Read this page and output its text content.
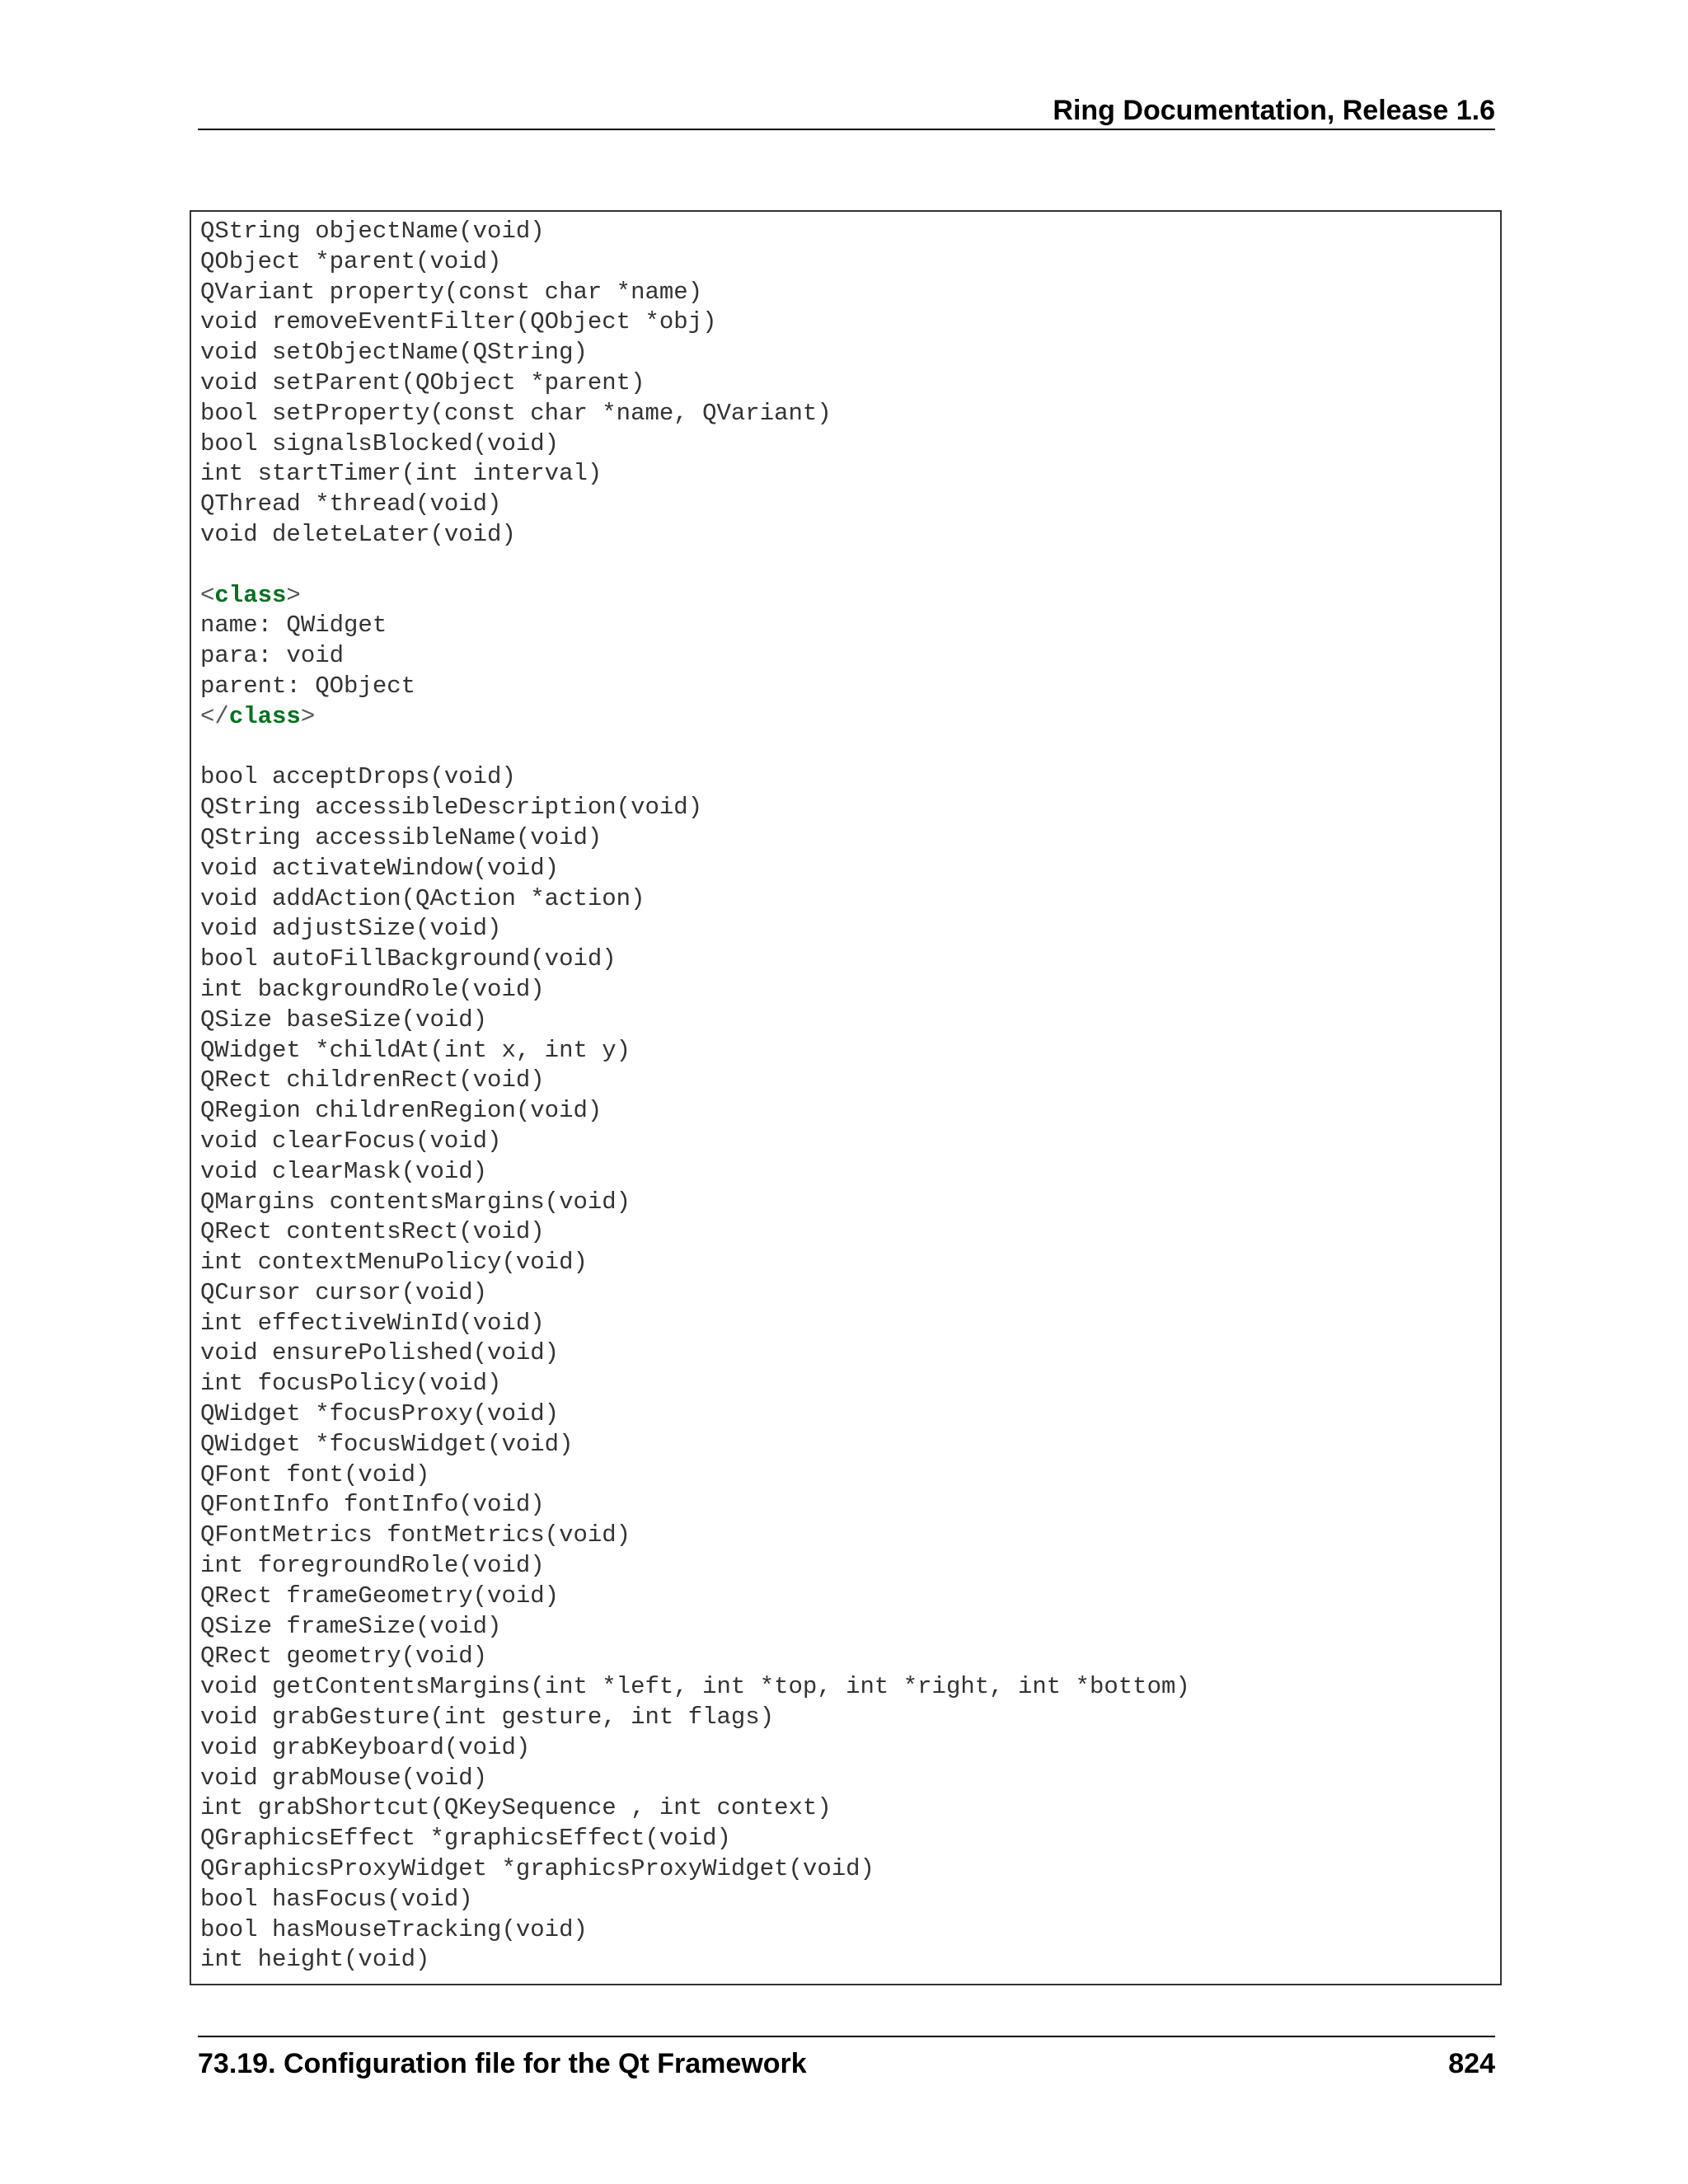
Ring Documentation, Release 1.6
QString objectName(void)
QObject *parent(void)
QVariant property(const char *name)
void removeEventFilter(QObject *obj)
void setObjectName(QString)
void setParent(QObject *parent)
bool setProperty(const char *name, QVariant)
bool signalsBlocked(void)
int startTimer(int interval)
QThread *thread(void)
void deleteLater(void)

<class>
name: QWidget
para: void
parent: QObject
</class>

bool acceptDrops(void)
QString accessibleDescription(void)
QString accessibleName(void)
void activateWindow(void)
void addAction(QAction *action)
void adjustSize(void)
bool autoFillBackground(void)
int backgroundRole(void)
QSize baseSize(void)
QWidget *childAt(int x, int y)
QRect childrenRect(void)
QRegion childrenRegion(void)
void clearFocus(void)
void clearMask(void)
QMargins contentsMargins(void)
QRect contentsRect(void)
int contextMenuPolicy(void)
QCursor cursor(void)
int effectiveWinId(void)
void ensurePolished(void)
int focusPolicy(void)
QWidget *focusProxy(void)
QWidget *focusWidget(void)
QFont font(void)
QFontInfo fontInfo(void)
QFontMetrics fontMetrics(void)
int foregroundRole(void)
QRect frameGeometry(void)
QSize frameSize(void)
QRect geometry(void)
void getContentsMargins(int *left, int *top, int *right, int *bottom)
void grabGesture(int gesture, int flags)
void grabKeyboard(void)
void grabMouse(void)
int grabShortcut(QKeySequence , int context)
QGraphicsEffect *graphicsEffect(void)
QGraphicsProxyWidget *graphicsProxyWidget(void)
bool hasFocus(void)
bool hasMouseTracking(void)
int height(void)
73.19. Configuration file for the Qt Framework	824
